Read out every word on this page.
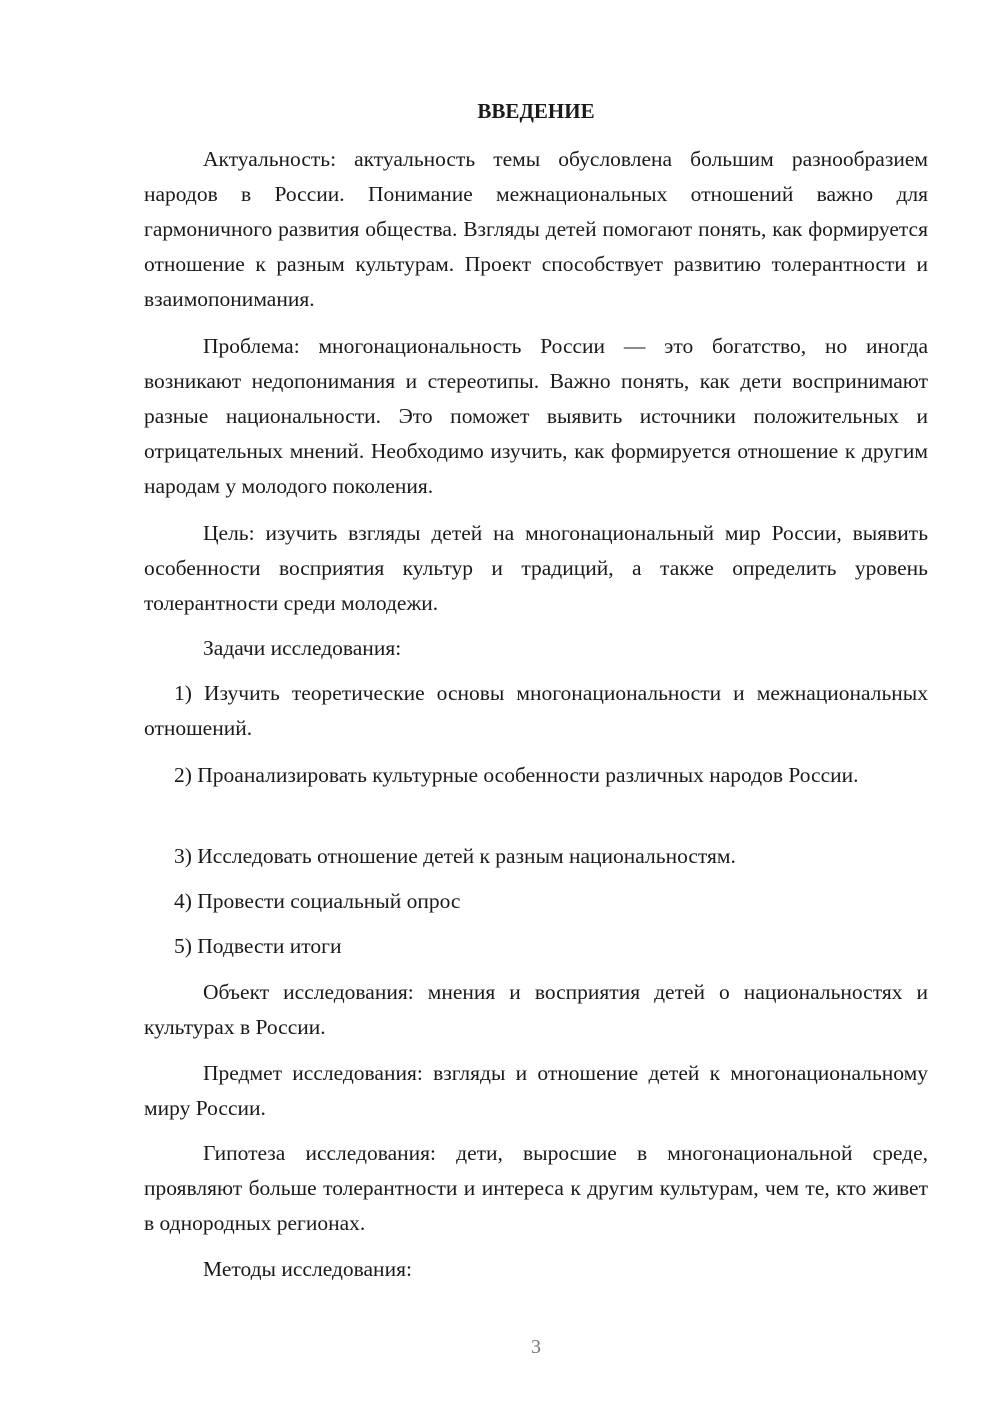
ВВЕДЕНИЕ

Актуальность: актуальность темы обусловлена большим разнообразием народов в России. Понимание межнациональных отношений важно для гармоничного развития общества. Взгляды детей помогают понять, как формируется отношение к разным культурам. Проект способствует развитию толерантности и взаимопонимания.

Проблема: многонациональность России — это богатство, но иногда возникают недопонимания и стереотипы. Важно понять, как дети воспринимают разные национальности. Это поможет выявить источники положительных и отрицательных мнений. Необходимо изучить, как формируется отношение к другим народам у молодого поколения.

Цель: изучить взгляды детей на многонациональный мир России, выявить особенности восприятия культур и традиций, а также определить уровень толерантности среди молодежи.

Задачи исследования:

1) Изучить теоретические основы многонациональности и межнациональных отношений.

2) Проанализировать культурные особенности различных народов России.

3) Исследовать отношение детей к разным национальностям.

4) Провести социальный опрос

5) Подвести итоги

Объект исследования: мнения и восприятия детей о национальностях и культурах в России.

Предмет исследования: взгляды и отношение детей к многонациональному миру России.

Гипотеза исследования: дети, выросшие в многонациональной среде, проявляют больше толерантности и интереса к другим культурам, чем те, кто живет в однородных регионах.

Методы исследования:

3
